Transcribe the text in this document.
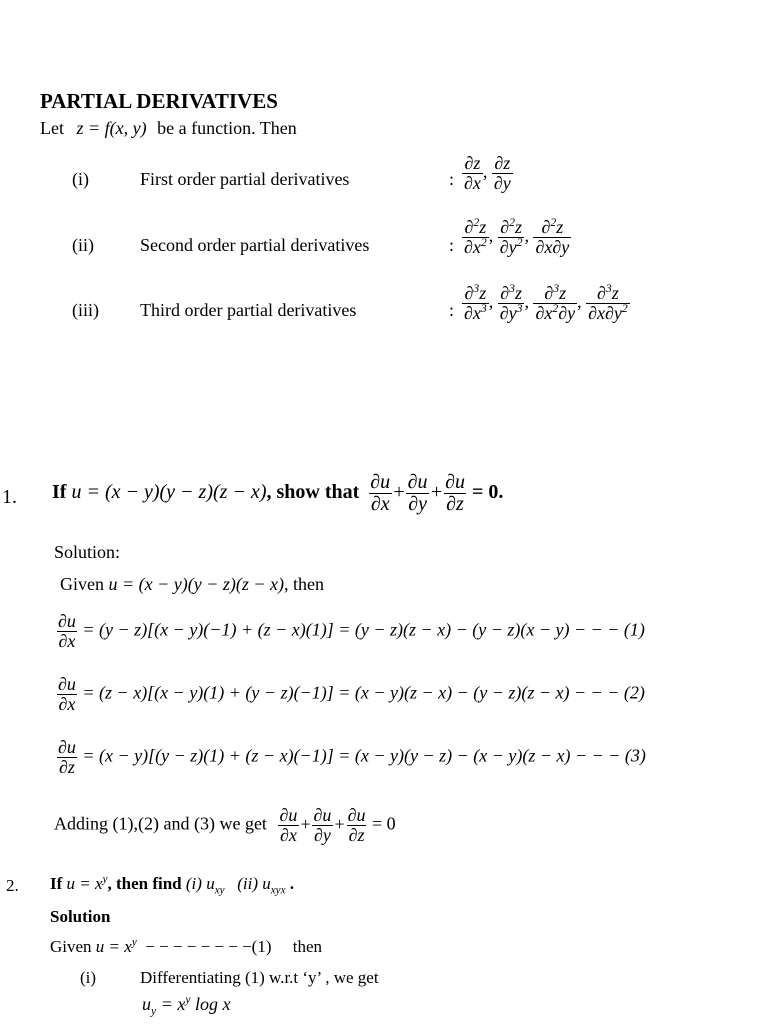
PARTIAL DERIVATIVES
Let z = f(x, y) be a function. Then
(i)	First order partial derivatives	: $\frac{\partial z}{\partial x}$ , $\frac{\partial z}{\partial y}$
(ii)	Second order partial derivatives	: $\frac{\partial^2z}{\partial x^2}$ , $\frac{\partial^2z}{\partial y^2}$ , $\frac{\partial^2z}{\partial x\partial y}$
(iii) Third order partial derivatives	: $\frac{\partial^3z}{\partial x^3}$ , $\frac{\partial^3z}{\partial y^3}$ , $\frac{\partial^3z}{\partial x^2\partial y}$ , $\frac{\partial^3z}{\partial x\partial y^2}$
1. If u = (x − y)(y − z)(z − x), show that $\frac{\partial u}{\partial x} + \frac{\partial u}{\partial y} + \frac{\partial u}{\partial z} = 0$.
Solution:
Given u = (x − y)(y − z)(z − x), then
$\frac{\partial u}{\partial x} = (y - z)[(x - y)(-1) + (z - x)(1)] = (y - z)(z - x) - (y - z)(x - y)$ − − − (1)
$\frac{\partial u}{\partial x} = (z - x)[(x - y)(1) + (y - z)(-1)] = (x - y)(z - x) - (y - z)(z - x)$ − − − (2)
$\frac{\partial u}{\partial z} = (x - y)[(y - z)(1) + (z - x)(-1)] = (x - y)(y - z) - (x - y)(z - x)$ − − − (3)
Adding (1),(2) and (3) we get $\frac{\partial u}{\partial x} + \frac{\partial u}{\partial y} + \frac{\partial u}{\partial z} = 0$
2. If $u = x^y$, then find (i) $u_{xy}$ (ii) $u_{xyx}$ .
Solution
Given $u = x^y$ − − − − − − − −(1) then
(i)	Differentiating (1) w.r.t ‘y’ , we get
$u_y = x^y$ log x
